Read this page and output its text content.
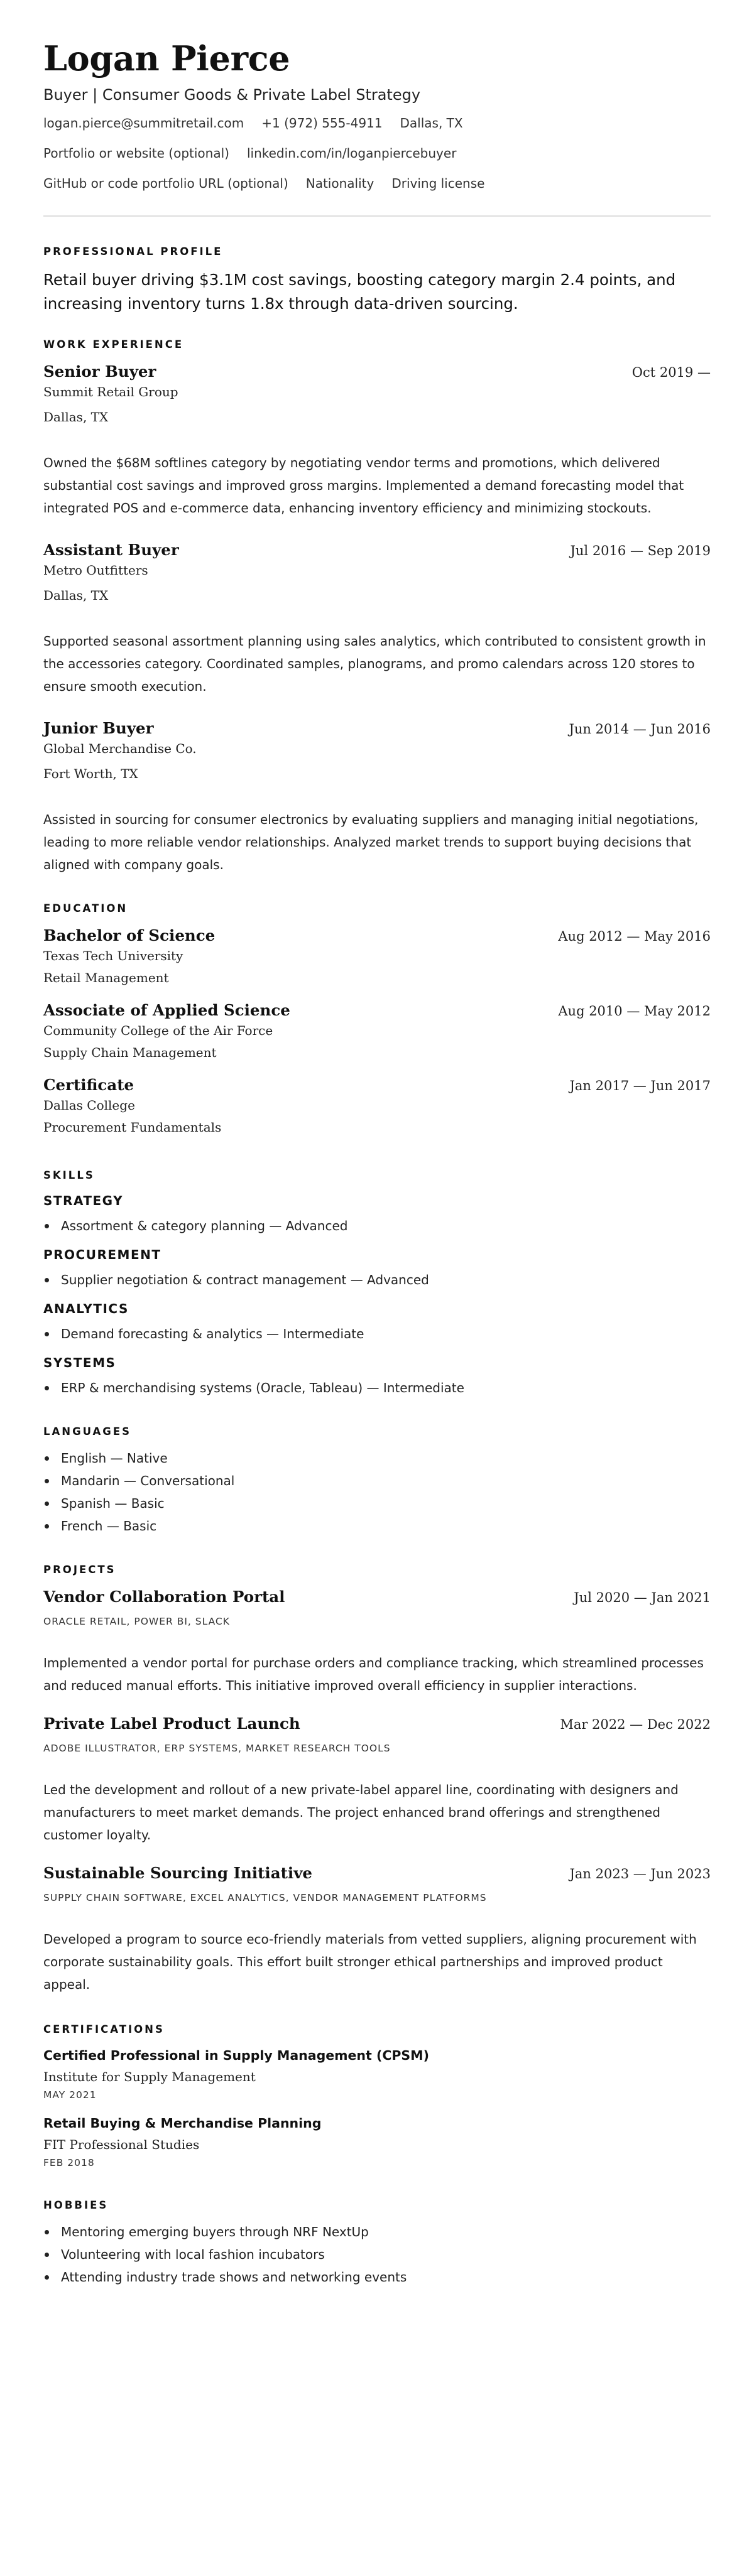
Logan Pierce
Buyer | Consumer Goods & Private Label Strategy
logan.pierce@summitretail.com +1 (972) 555-4911 Dallas, TX
Portfolio or website (optional) linkedin.com/in/loganpiercebuyer
GitHub or code portfolio URL (optional) Nationality Driving license
PROFESSIONAL PROFILE

Retail buyer driving $3.1M cost savings, boosting category margin 2.4 points, and increasing inventory turns 1.8x through data-driven sourcing.

WORK EXPERIENCE
Senior Buyer	Oct 2019 —
Summit Retail Group
Dallas, TX

Owned the $68M softlines category by negotiating vendor terms and promotions, which delivered substantial cost savings and improved gross margins. Implemented a demand forecasting model that integrated POS and e-commerce data, enhancing inventory efficiency and minimizing stockouts.

Assistant Buyer	Jul 2016 — Sep 2019
Metro Outfitters
Dallas, TX

Supported seasonal assortment planning using sales analytics, which contributed to consistent growth in the accessories category. Coordinated samples, planograms, and promo calendars across 120 stores to ensure smooth execution.

Junior Buyer	Jun 2014 — Jun 2016
Global Merchandise Co.
Fort Worth, TX

Assisted in sourcing for consumer electronics by evaluating suppliers and managing initial negotiations, leading to more reliable vendor relationships. Analyzed market trends to support buying decisions that aligned with company goals.

EDUCATION
Bachelor of Science	Aug 2012 — May 2016
Texas Tech University
Retail Management
Associate of Applied Science	Aug 2010 — May 2012
Community College of the Air Force
Supply Chain Management
Certificate	Jan 2017 — Jun 2017
Dallas College
Procurement Fundamentals
SKILLS
STRATEGY
Assortment & category planning — Advanced
PROCUREMENT
Supplier negotiation & contract management — Advanced
ANALYTICS
Demand forecasting & analytics — Intermediate
SYSTEMS
ERP & merchandising systems (Oracle, Tableau) — Intermediate
LANGUAGES
English — Native
Mandarin — Conversational
Spanish — Basic
French — Basic
PROJECTS
Vendor Collaboration Portal	Jul 2020 — Jan 2021
ORACLE RETAIL, POWER BI, SLACK

Implemented a vendor portal for purchase orders and compliance tracking, which streamlined processes and reduced manual efforts. This initiative improved overall efficiency in supplier interactions.

Private Label Product Launch	Mar 2022 — Dec 2022
ADOBE ILLUSTRATOR, ERP SYSTEMS, MARKET RESEARCH TOOLS

Led the development and rollout of a new private-label apparel line, coordinating with designers and manufacturers to meet market demands. The project enhanced brand offerings and strengthened customer loyalty.

Sustainable Sourcing Initiative	Jan 2023 — Jun 2023
SUPPLY CHAIN SOFTWARE, EXCEL ANALYTICS, VENDOR MANAGEMENT PLATFORMS

Developed a program to source eco-friendly materials from vetted suppliers, aligning procurement with corporate sustainability goals. This effort built stronger ethical partnerships and improved product appeal.

CERTIFICATIONS
Certified Professional in Supply Management (CPSM)
Institute for Supply Management
MAY 2021
Retail Buying & Merchandise Planning
FIT Professional Studies
FEB 2018
HOBBIES
Mentoring emerging buyers through NRF NextUp
Volunteering with local fashion incubators
Attending industry trade shows and networking events
